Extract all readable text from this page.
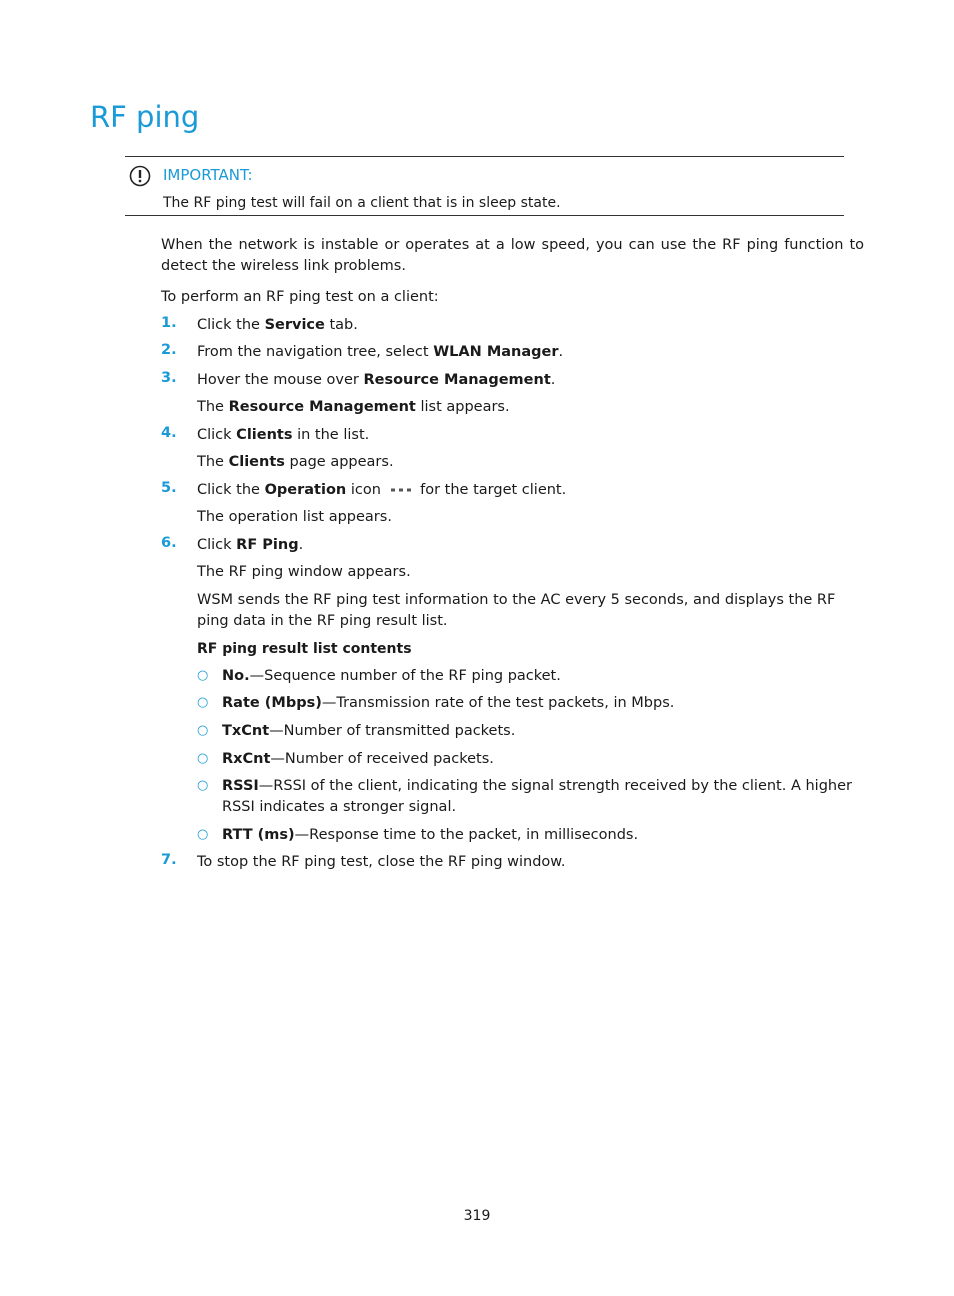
RF ping
IMPORTANT:
The RF ping test will fail on a client that is in sleep state.

When the network is instable or operates at a low speed, you can use the RF ping function to detect the wireless link problems.

To perform an RF ping test on a client:

1. Click the Service tab.
2. From the navigation tree, select WLAN Manager.
3. Hover the mouse over Resource Management.
The Resource Management list appears.
4. Click Clients in the list.
The Clients page appears.
5. Click the Operation icon  for the target client.
The operation list appears.
6. Click RF Ping.
The RF ping window appears.
WSM sends the RF ping test information to the AC every 5 seconds, and displays the RF ping data in the RF ping result list.
RF ping result list contents
○ No.—Sequence number of the RF ping packet.
○ Rate (Mbps)—Transmission rate of the test packets, in Mbps.
○ TxCnt—Number of transmitted packets.
○ RxCnt—Number of received packets.
○ RSSI—RSSI of the client, indicating the signal strength received by the client. A higher RSSI indicates a stronger signal.
○ RTT (ms)—Response time to the packet, in milliseconds.
7. To stop the RF ping test, close the RF ping window.
319
